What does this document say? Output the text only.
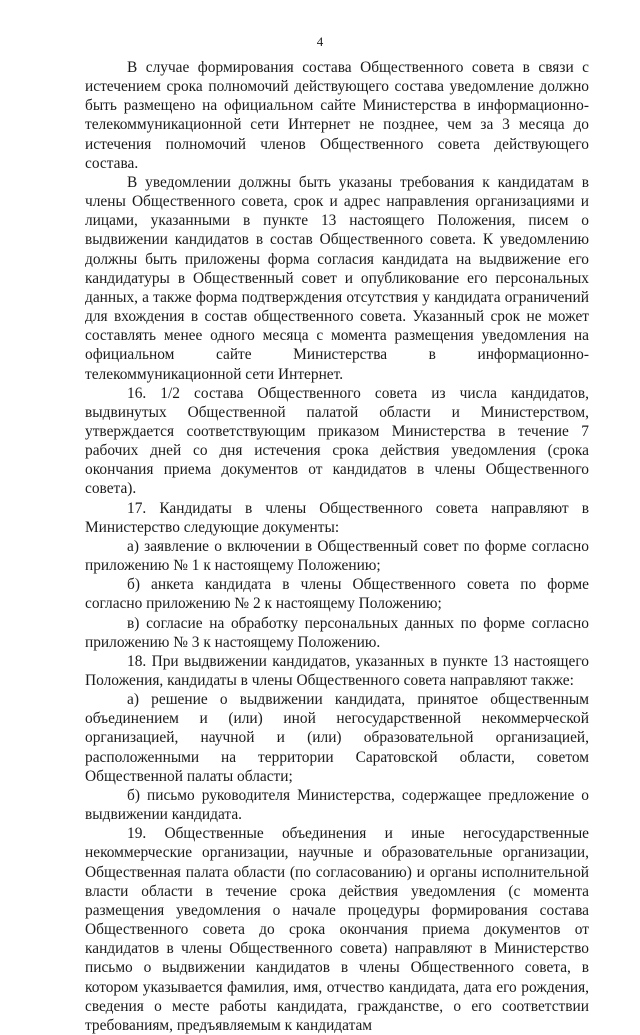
4

В случае формирования состава Общественного совета в связи с истечением срока полномочий действующего состава уведомление должно быть размещено на официальном сайте Министерства в информационно-телекоммуникационной сети Интернет не позднее, чем за 3 месяца до истечения полномочий членов Общественного совета действующего состава.

В уведомлении должны быть указаны требования к кандидатам в члены Общественного совета, срок и адрес направления организациями и лицами, указанными в пункте 13 настоящего Положения, писем о выдвижении кандидатов в состав Общественного совета. К уведомлению должны быть приложены форма согласия кандидата на выдвижение его кандидатуры в Общественный совет и опубликование его персональных данных, а также форма подтверждения отсутствия у кандидата ограничений для вхождения в состав общественного совета. Указанный срок не может составлять менее одного месяца с момента размещения уведомления на официальном сайте Министерства в информационно-телекоммуникационной сети Интернет.

16. 1/2 состава Общественного совета из числа кандидатов, выдвинутых Общественной палатой области и Министерством, утверждается соответствующим приказом Министерства в течение 7 рабочих дней со дня истечения срока действия уведомления (срока окончания приема документов от кандидатов в члены Общественного совета).

17. Кандидаты в члены Общественного совета направляют в Министерство следующие документы:

а) заявление о включении в Общественный совет по форме согласно приложению № 1 к настоящему Положению;

б) анкета кандидата в члены Общественного совета по форме согласно приложению № 2 к настоящему Положению;

в) согласие на обработку персональных данных по форме согласно приложению № 3 к настоящему Положению.

18. При выдвижении кандидатов, указанных в пункте 13 настоящего Положения, кандидаты в члены Общественного совета направляют также:

а) решение о выдвижении кандидата, принятое общественным объединением и (или) иной негосударственной некоммерческой организацией, научной и (или) образовательной организацией, расположенными на территории Саратовской области, советом Общественной палаты области;

б) письмо руководителя Министерства, содержащее предложение о выдвижении кандидата.

19. Общественные объединения и иные негосударственные некоммерческие организации, научные и образовательные организации, Общественная палата области (по согласованию) и органы исполнительной власти области в течение срока действия уведомления (с момента размещения уведомления о начале процедуры формирования состава Общественного совета до срока окончания приема документов от кандидатов в члены Общественного совета) направляют в Министерство письмо о выдвижении кандидатов в члены Общественного совета, в котором указывается фамилия, имя, отчество кандидата, дата его рождения, сведения о месте работы кандидата, гражданстве, о его соответствии требованиям, предъявляемым к кандидатам
